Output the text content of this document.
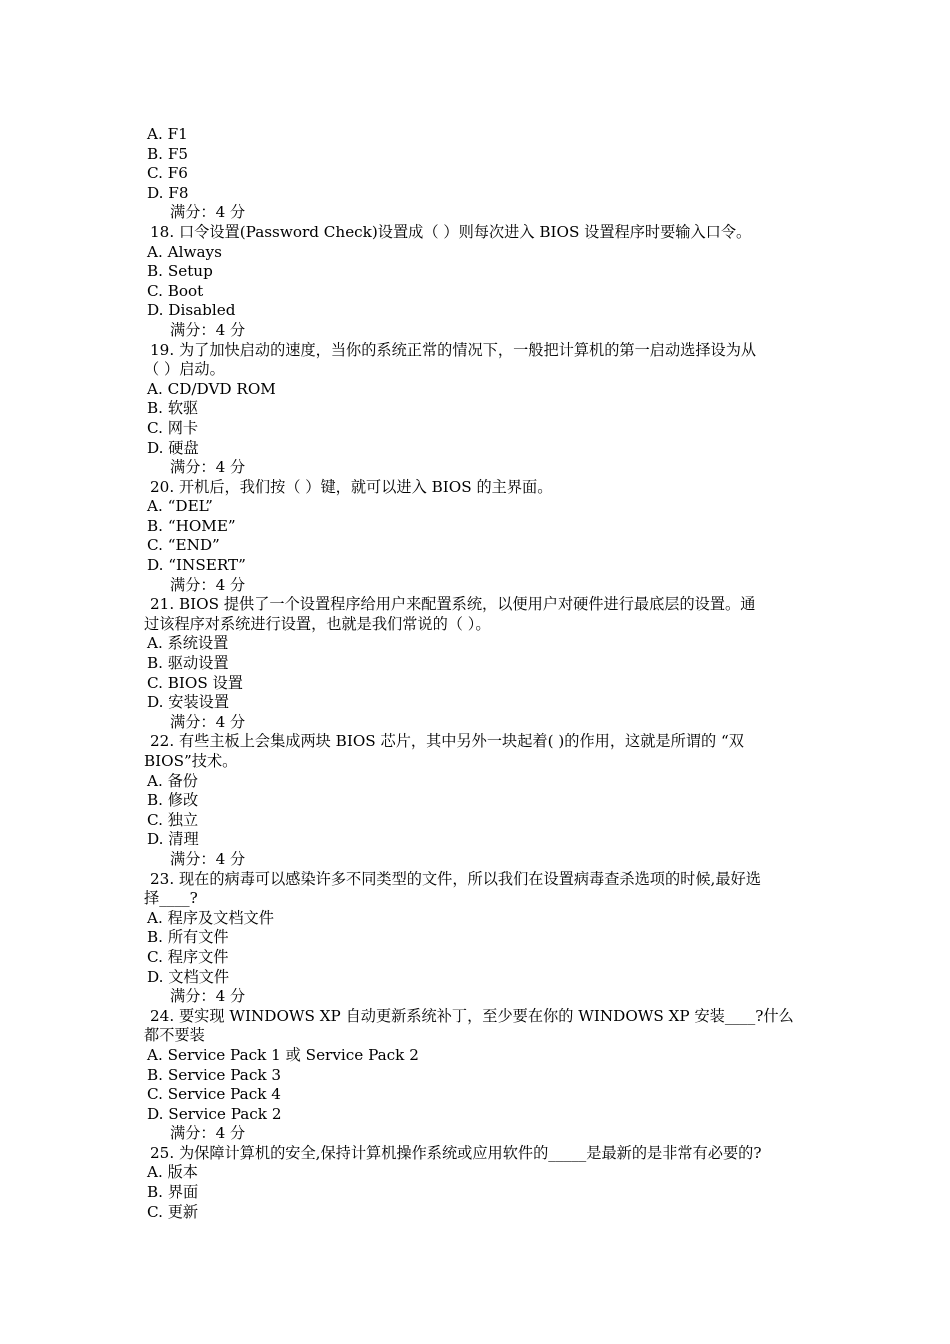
A. F1
B. F5
C. F6
D. F8
满分：4 分
18. 口令设置(Password Check)设置成（ ）则每次进入 BIOS 设置程序时要输入口令。
A. Always
B. Setup
C. Boot
D. Disabled
满分：4 分
19. 为了加快启动的速度，当你的系统正常的情况下，一般把计算机的第一启动选择设为从
（ ）启动。
A. CD/DVD ROM
B. 软驱
C. 网卡
D. 硬盘
满分：4 分
20. 开机后，我们按（ ）键，就可以进入 BIOS 的主界面。
A. “DEL”
B. “HOME”
C. “END”
D. “INSERT”
满分：4 分
21. BIOS 提供了一个设置程序给用户来配置系统，以便用户对硬件进行最底层的设置。通
过该程序对系统进行设置，也就是我们常说的（ ）。
A. 系统设置
B. 驱动设置
C. BIOS 设置
D. 安装设置
满分：4 分
22. 有些主板上会集成两块 BIOS 芯片，其中另外一块起着( )的作用，这就是所谓的 “双
BIOS”技术。
A. 备份
B. 修改
C. 独立
D. 清理
满分：4 分
23. 现在的病毒可以感染许多不同类型的文件，所以我们在设置病毒查杀选项的时候,最好选
择____?
A. 程序及文档文件
B. 所有文件
C. 程序文件
D. 文档文件
满分：4 分
24. 要实现 WINDOWS XP 自动更新系统补丁，至少要在你的 WINDOWS XP 安装____?什么
都不要装
A. Service Pack 1 或 Service Pack 2
B. Service Pack 3
C. Service Pack 4
D. Service Pack 2
满分：4 分
25. 为保障计算机的安全,保持计算机操作系统或应用软件的_____是最新的是非常有必要的?
A. 版本
B. 界面
C. 更新
